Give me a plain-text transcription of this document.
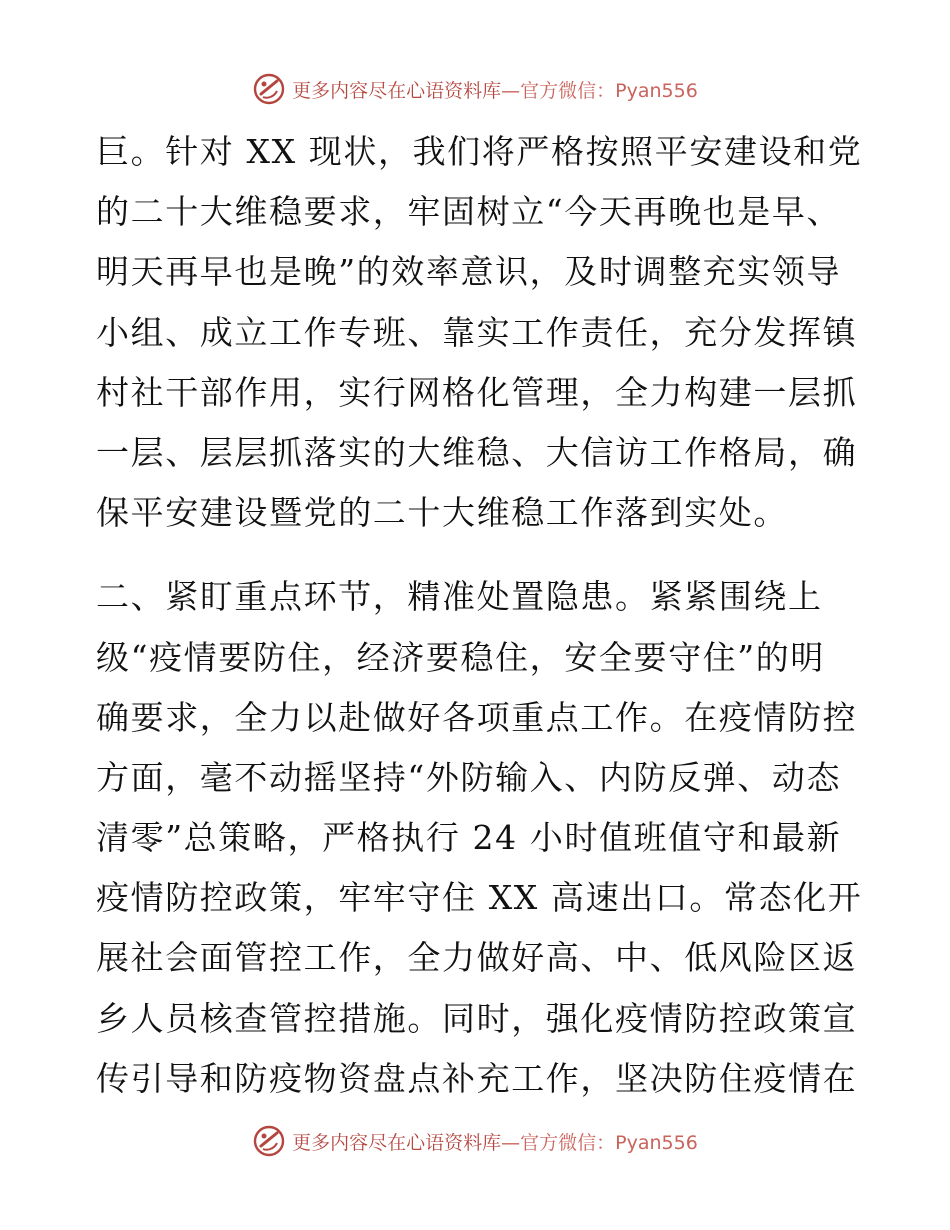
更多内容尽在心语资料库—官方微信：Pyan556

巨。针对 XX 现状，我们将严格按照平安建设和党
的二十大维稳要求，牢固树立“今天再晚也是早、
明天再早也是晚”的效率意识，及时调整充实领导
小组、成立工作专班、靠实工作责任，充分发挥镇
村社干部作用，实行网格化管理，全力构建一层抓
一层、层层抓落实的大维稳、大信访工作格局，确
保平安建设暨党的二十大维稳工作落到实处。

二、紧盯重点环节，精准处置隐患。紧紧围绕上
级“疫情要防住，经济要稳住，安全要守住”的明
确要求，全力以赴做好各项重点工作。在疫情防控
方面，毫不动摇坚持“外防输入、内防反弹、动态
清零”总策略，严格执行 24 小时值班值守和最新
疫情防控政策，牢牢守住 XX 高速出口。常态化开
展社会面管控工作，全力做好高、中、低风险区返
乡人员核查管控措施。同时，强化疫情防控政策宣
传引导和防疫物资盘点补充工作，坚决防住疫情在

更多内容尽在心语资料库—官方微信：Pyan556
